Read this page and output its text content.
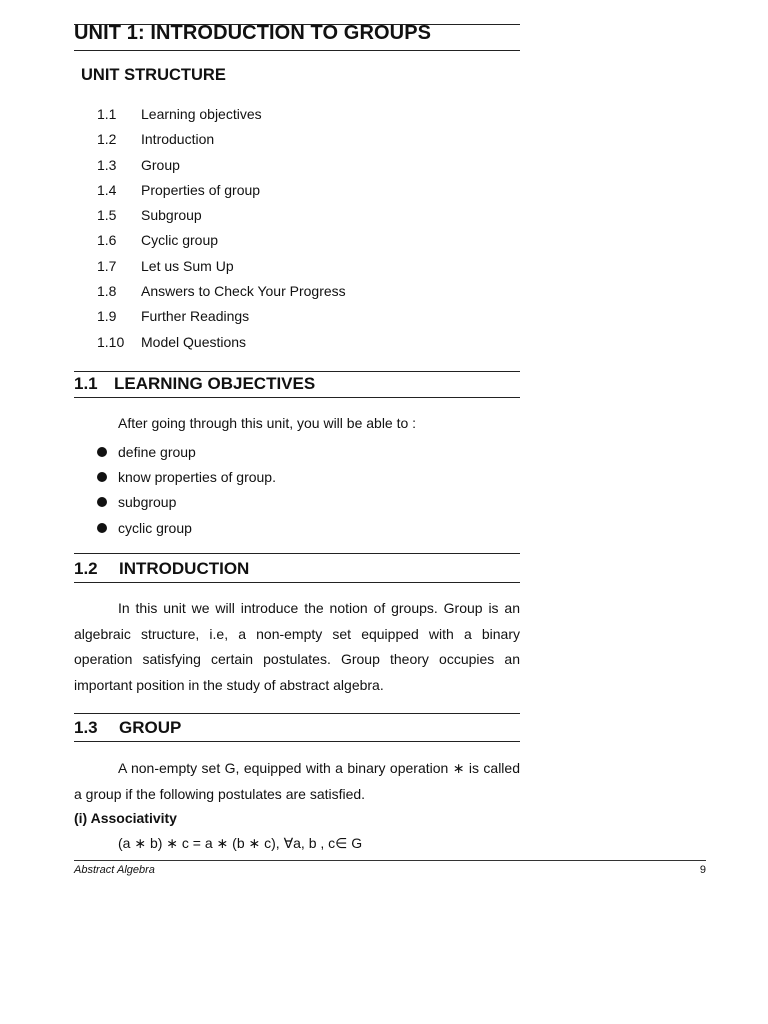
UNIT 1: INTRODUCTION TO GROUPS
UNIT STRUCTURE
1.1	Learning objectives
1.2	Introduction
1.3	Group
1.4	Properties of group
1.5	Subgroup
1.6	Cyclic group
1.7	Let us Sum Up
1.8	Answers to Check Your Progress
1.9	Further Readings
1.10	Model Questions
1.1 LEARNING OBJECTIVES
After going through this unit, you will be able to :
define group
know properties of group.
subgroup
cyclic group
1.2 INTRODUCTION

In this unit we will introduce the notion of groups. Group is an algebraic structure, i.e, a non-empty set equipped with a binary operation satisfying certain postulates. Group theory occupies an important position in the study of abstract algebra.

1.3 GROUP

A non-empty set G, equipped with a binary operation ∗ is called a group if the following postulates are satisfied.

(i) Associativity
(a ∗ b) ∗ c = a ∗ (b ∗ c), ∀a, b , c∈ G
Abstract Algebra	9
